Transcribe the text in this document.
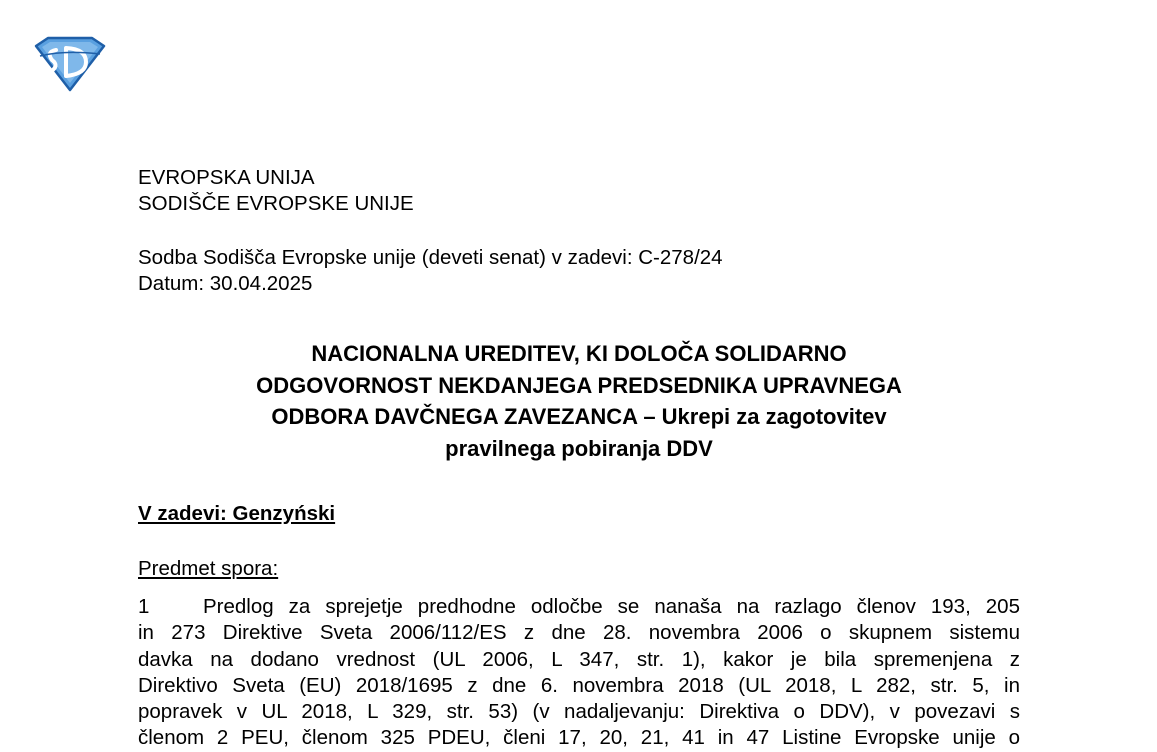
EVROPSKA UNIJA
SODIŠČE EVROPSKE UNIJE
Sodba Sodišča Evropske unije (deveti senat) v zadevi: C-278/24
Datum: 30.04.2025
NACIONALNA UREDITEV, KI DOLOČA SOLIDARNO
ODGOVORNOST NEKDANJEGA PREDSEDNIKA UPRAVNEGA
ODBORA DAVČNEGA ZAVEZANCA – Ukrepi za zagotovitev
pravilnega pobiranja DDV
V zadevi: Genzyński
Predmet spora:
1	Predlog za sprejetje predhodne odločbe se nanaša na razlago členov 193, 205
in 273 Direktive Sveta 2006/112/ES z dne 28. novembra 2006 o skupnem sistemu
davka na dodano vrednost (UL 2006, L 347, str. 1), kakor je bila spremenjena z
Direktivo Sveta (EU) 2018/1695 z dne 6. novembra 2018 (UL 2018, L 282, str. 5, in
popravek v UL 2018, L 329, str. 53) (v nadaljevanju: Direktiva o DDV), v povezavi s
členom 2 PEU, členom 325 PDEU, členi 17, 20, 21, 41 in 47 Listine Evropske unije o
